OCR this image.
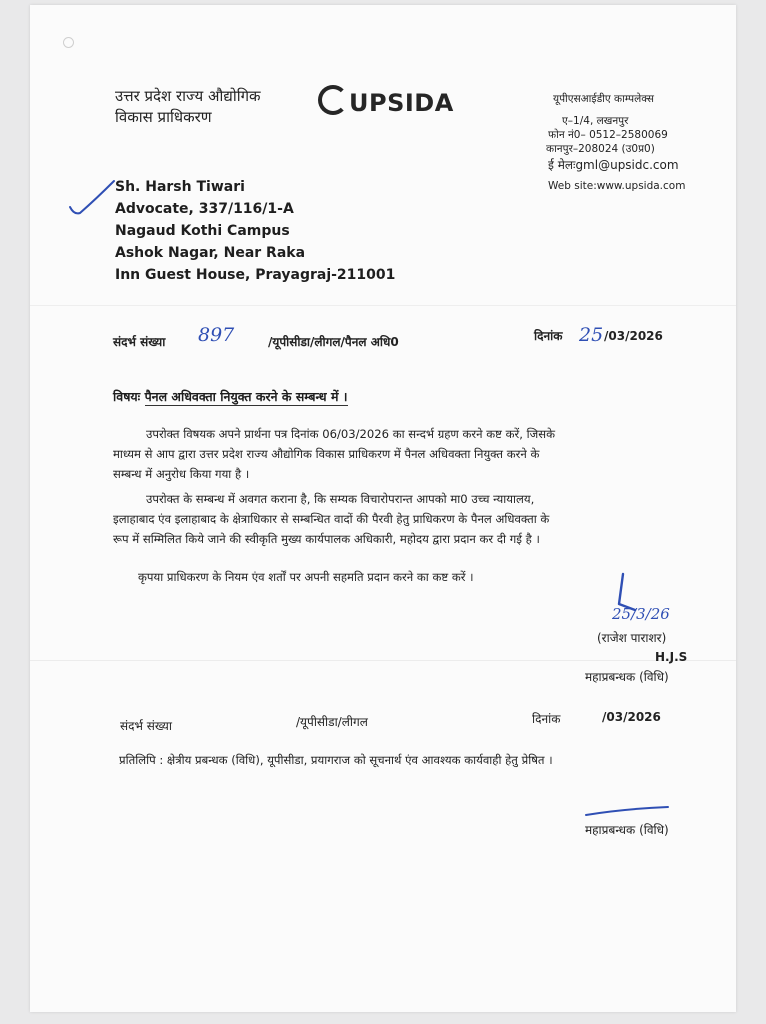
उत्तर प्रदेश राज्य औद्योगिक
विकास प्राधिकरण	UPSIDA	यूपीएसआईडीए काम्पलेक्स
ए–1/4, लखनपुर
फोन नं0– 0512–2580069
कानपुर–208024 (उ0प्र0)
ई मेलःgml@upsidc.com
Web site:www.upsida.com
Sh. Harsh Tiwari
Advocate, 337/116/1-A
Nagaud Kothi Campus
Ashok Nagar, Near Raka
Inn Guest House, Prayagraj-211001
संदर्भ संख्या 897	/यूपीसीडा/लीगल/पैनल अधि0	दिनांक 25 /03/2026
विषयः पैनल अधिवक्ता नियुक्त करने के सम्बन्ध में ।
उपरोक्त विषयक अपने प्रार्थना पत्र दिनांक 06/03/2026 का सन्दर्भ ग्रहण करने कष्ट करें, जिसके
माध्यम से आप द्वारा उत्तर प्रदेश राज्य औद्योगिक विकास प्राधिकरण में पैनल अधिवक्ता नियुक्त करने के
सम्बन्ध में अनुरोध किया गया है ।
उपरोक्त के सम्बन्ध में अवगत कराना है, कि सम्यक विचारोपरान्त आपको मा0 उच्च न्यायालय,
इलाहाबाद एंव इलाहाबाद के क्षेत्राधिकार से सम्बन्धित वादों की पैरवी हेतु प्राधिकरण के पैनल अधिवक्ता के
रूप में सम्मिलित किये जाने की स्वीकृति मुख्य कार्यपालक अधिकारी, महोदय द्वारा प्रदान कर दी गई है ।
कृपया प्राधिकरण के नियम एंव शर्तों पर अपनी सहमति प्रदान करने का कष्ट करें ।
25/3/26
(राजेश पाराशर)
H.J.S
महाप्रबन्धक (विधि)
संदर्भ संख्या	/यूपीसीडा/लीगल	दिनांक	/03/2026
प्रतिलिपि : क्षेत्रीय प्रबन्धक (विधि), यूपीसीडा, प्रयागराज को सूचनार्थ एंव आवश्यक कार्यवाही हेतु प्रेषित ।
महाप्रबन्धक (विधि)
